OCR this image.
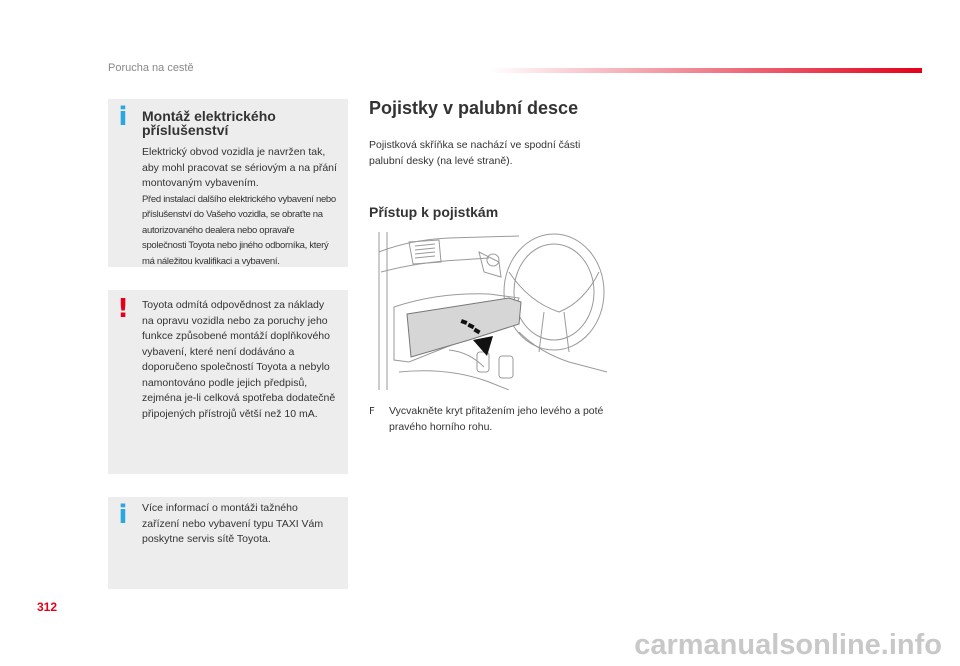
Porucha na cestě
i Montáž elektrického
příslušenství
Elektrický obvod vozidla je navržen tak, aby mohl pracovat se sériovým a na přání montovaným vybavením.
Před instalací dalšího elektrického vybavení nebo příslušenství do Vašeho vozidla, se obraťte na autorizovaného dealera nebo opravaře společnosti Toyota nebo jiného odborníka, který má náležitou kvalifikaci a vybavení.
! Toyota odmítá odpovědnost za náklady na opravu vozidla nebo za poruchy jeho funkce způsobené montáží doplňkového vybavení, které není dodáváno a doporučeno společností Toyota a nebylo namontováno podle jejich předpisů, zejména je-li celková spotřeba dodatečně připojených přístrojů větší než 10 mA.
i Více informací o montáži tažného zařízení nebo vybavení typu TAXI Vám poskytne servis sítě Toyota.
Pojistky v palubní desce
Pojistková skříňka se nachází ve spodní části palubní desky (na levé straně).
Přístup k pojistkám
F Vycvakněte kryt přitažením jeho levého a poté pravého horního rohu.
312
carmanualsonline.info
